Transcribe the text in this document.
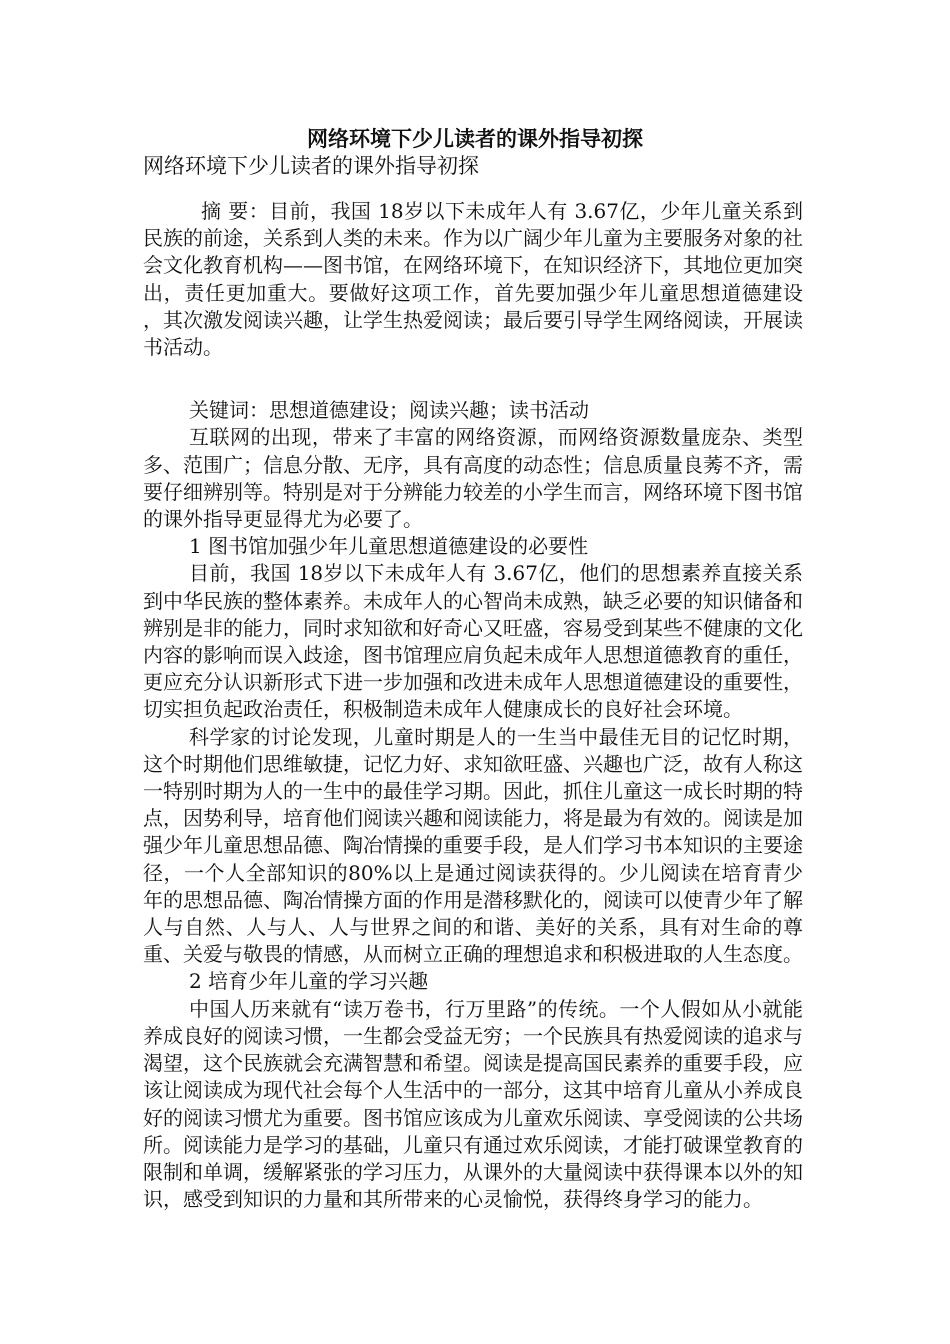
网络环境下少儿读者的课外指导初探
网络环境下少儿读者的课外指导初探

摘 要：目前，我国 18岁以下未成年人有 3.67亿，少年儿童关系到民族的前途，关系到人类的未来。作为以广阔少年儿童为主要服务对象的社会文化教育机构——图书馆，在网络环境下，在知识经济下，其地位更加突出，责任更加重大。要做好这项工作，首先要加强少年儿童思想道德建设 ，其次激发阅读兴趣，让学生热爱阅读；最后要引导学生网络阅读，开展读书活动。

关键词：思想道德建设；阅读兴趣；读书活动

互联网的出现，带来了丰富的网络资源，而网络资源数量庞杂、类型多、范围广；信息分散、无序，具有高度的动态性；信息质量良莠不齐，需要仔细辨别等。特别是对于分辨能力较差的小学生而言，网络环境下图书馆的课外指导更显得尤为必要了。

1 图书馆加强少年儿童思想道德建设的必要性

目前，我国 18岁以下未成年人有 3.67亿，他们的思想素养直接关系到中华民族的整体素养。未成年人的心智尚未成熟，缺乏必要的知识储备和辨别是非的能力，同时求知欲和好奇心又旺盛，容易受到某些不健康的文化内容的影响而误入歧途，图书馆理应肩负起未成年人思想道德教育的重任，更应充分认识新形式下进一步加强和改进未成年人思想道德建设的重要性，切实担负起政治责任，积极制造未成年人健康成长的良好社会环境。

科学家的讨论发现，儿童时期是人的一生当中最佳无目的记忆时期，这个时期他们思维敏捷，记忆力好、求知欲旺盛、兴趣也广泛，故有人称这一特别时期为人的一生中的最佳学习期。因此，抓住儿童这一成长时期的特点，因势利导，培育他们阅读兴趣和阅读能力，将是最为有效的。阅读是加强少年儿童思想品德、陶冶情操的重要手段，是人们学习书本知识的主要途径，一个人全部知识的80%以上是通过阅读获得的。少儿阅读在培育青少年的思想品德、陶冶情操方面的作用是潜移默化的，阅读可以使青少年了解人与自然、人与人、人与世界之间的和谐、美好的关系，具有对生命的尊重、关爱与敬畏的情感，从而树立正确的理想追求和积极进取的人生态度。

2 培育少年儿童的学习兴趣

中国人历来就有“读万卷书，行万里路”的传统。一个人假如从小就能养成良好的阅读习惯，一生都会受益无穷；一个民族具有热爱阅读的追求与渴望，这个民族就会充满智慧和希望。阅读是提高国民素养的重要手段，应该让阅读成为现代社会每个人生活中的一部分，这其中培育儿童从小养成良好的阅读习惯尤为重要。图书馆应该成为儿童欢乐阅读、享受阅读的公共场所。阅读能力是学习的基础，儿童只有通过欢乐阅读，才能打破课堂教育的限制和单调，缓解紧张的学习压力，从课外的大量阅读中获得课本以外的知识，感受到知识的力量和其所带来的心灵愉悦，获得终身学习的能力。
